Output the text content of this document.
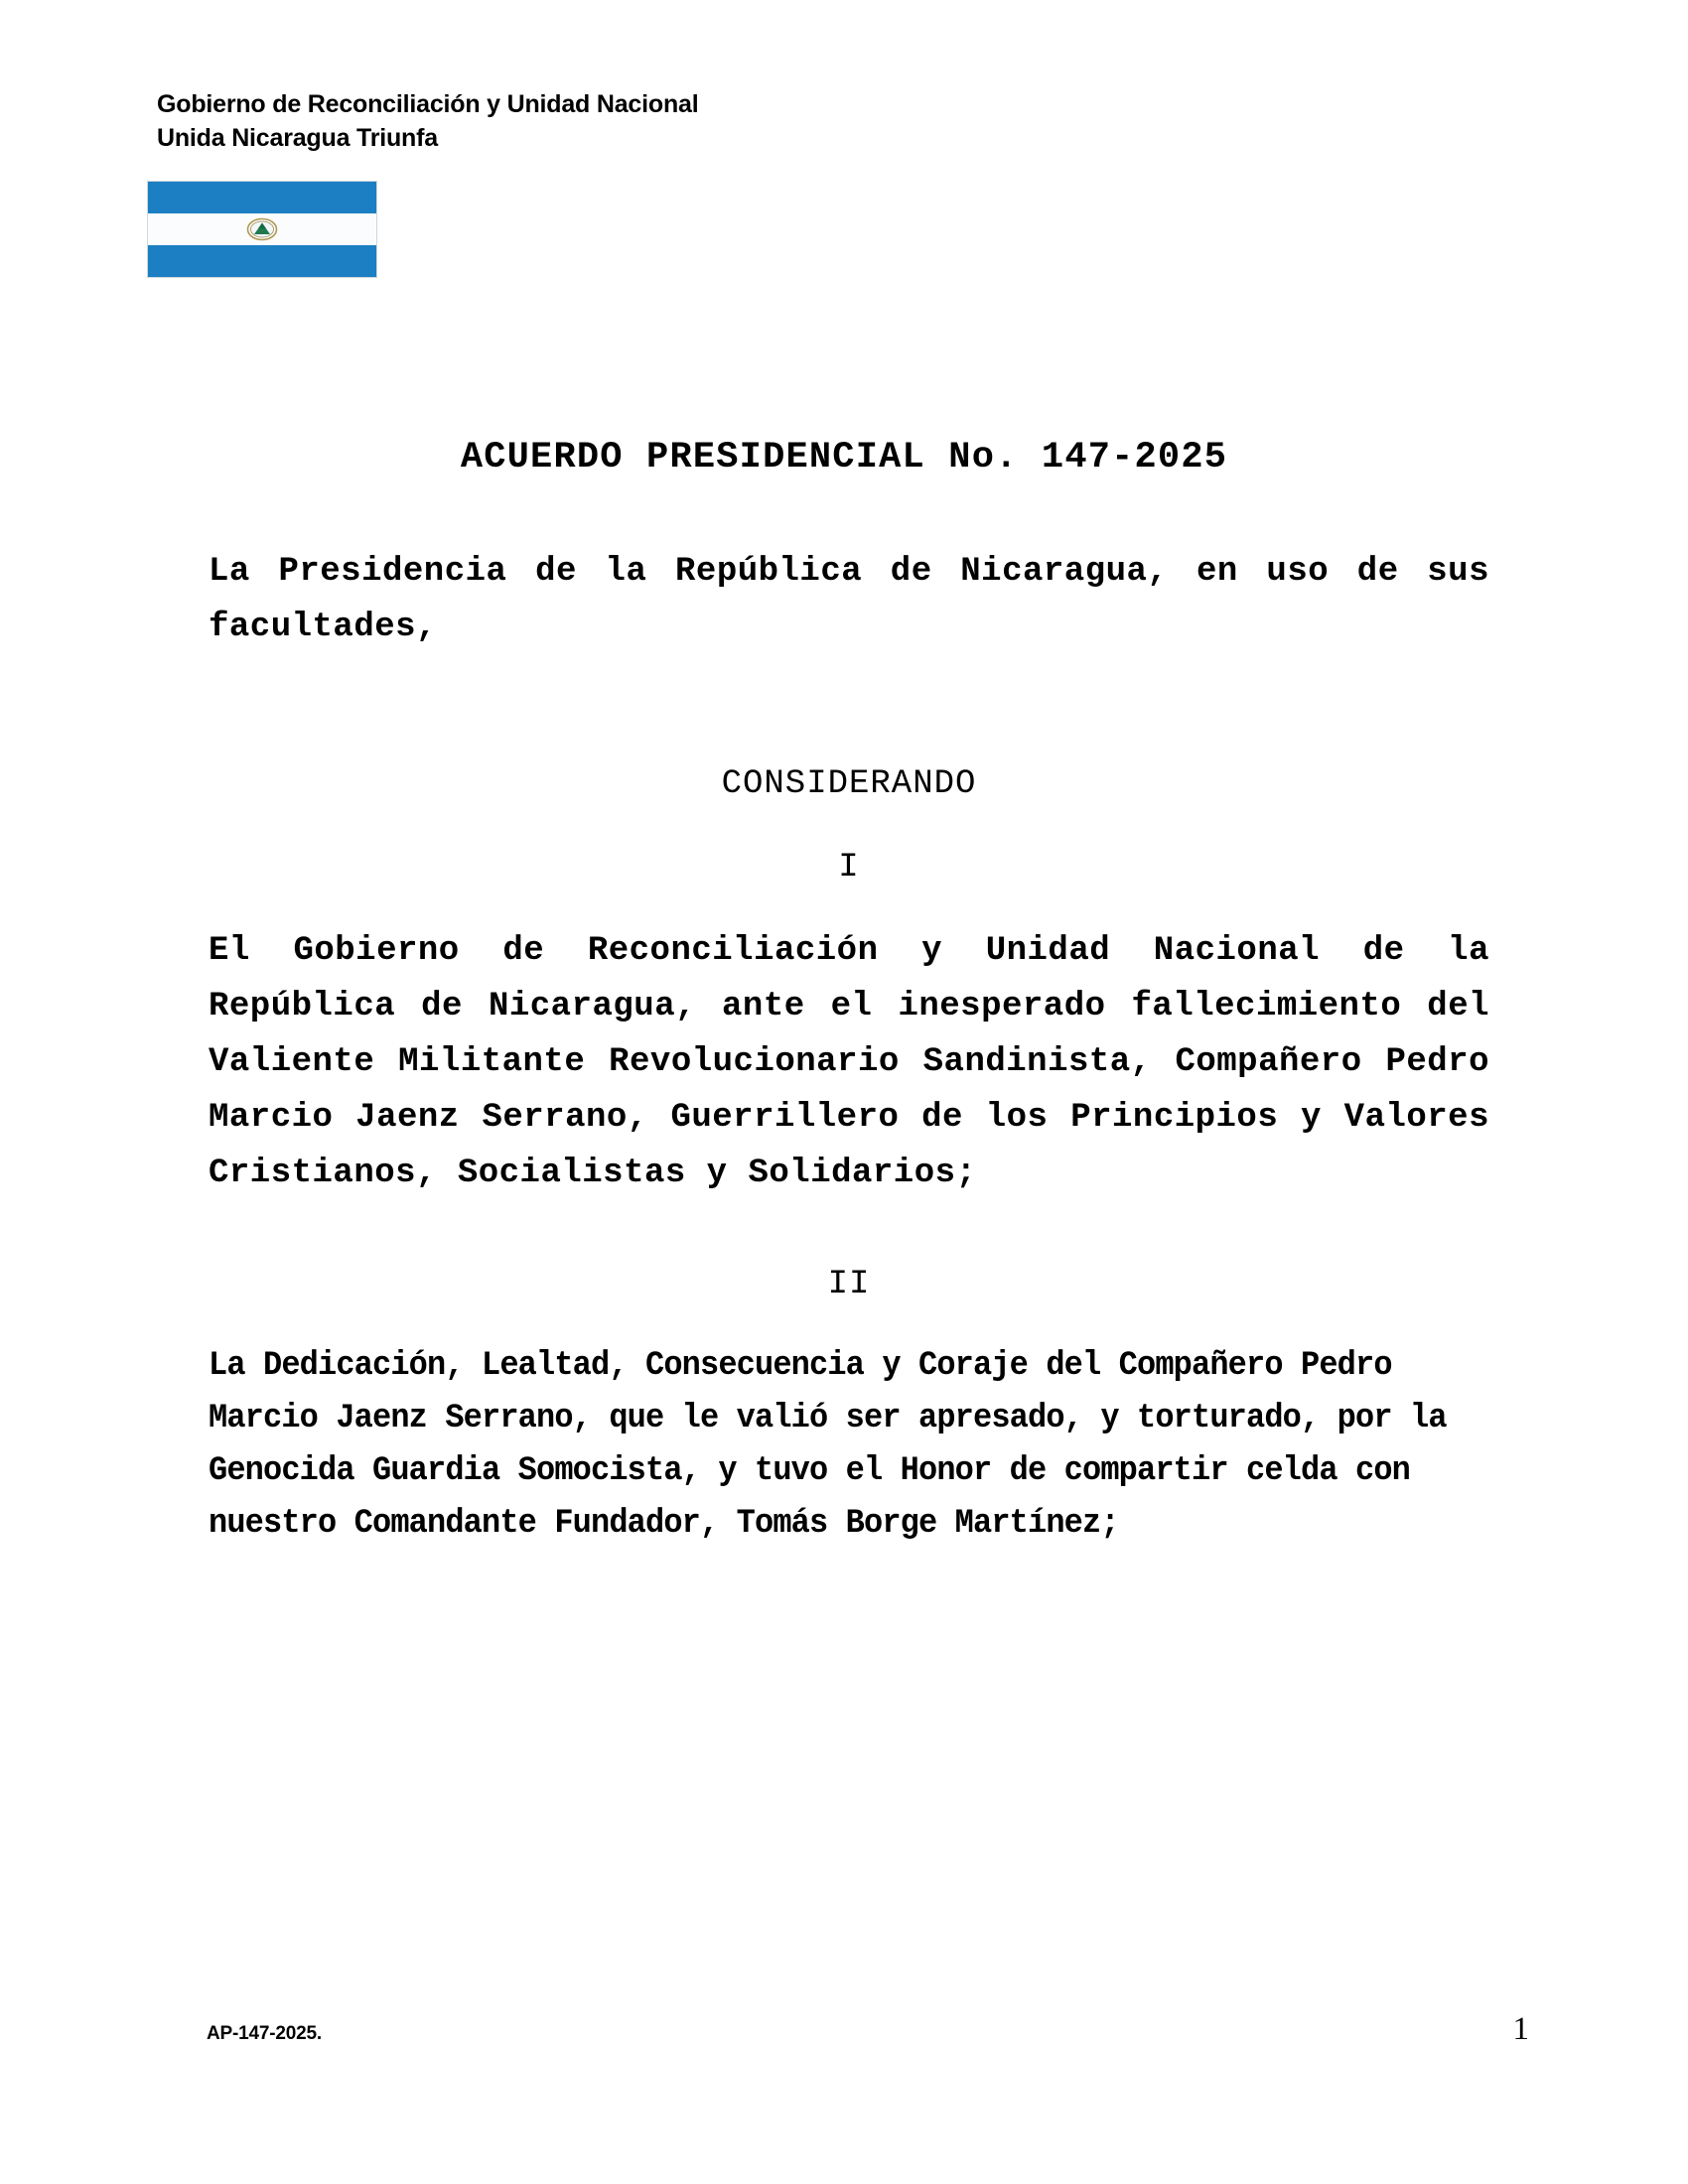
Gobierno de Reconciliación y Unidad Nacional
Unida Nicaragua Triunfa
ACUERDO PRESIDENCIAL No. 147-2025

La Presidencia de la República de Nicaragua, en uso de sus facultades,

CONSIDERANDO

I

El Gobierno de Reconciliación y Unidad Nacional de la República de Nicaragua, ante el inesperado fallecimiento del Valiente Militante Revolucionario Sandinista, Compañero Pedro Marcio Jaenz Serrano, Guerrillero de los Principios y Valores Cristianos, Socialistas y Solidarios;

II

La Dedicación, Lealtad, Consecuencia y Coraje del Compañero Pedro Marcio Jaenz Serrano, que le valió ser apresado, y torturado, por la Genocida Guardia Somocista, y tuvo el Honor de compartir celda con nuestro Comandante Fundador, Tomás Borge Martínez;

AP-147-2025.	1
